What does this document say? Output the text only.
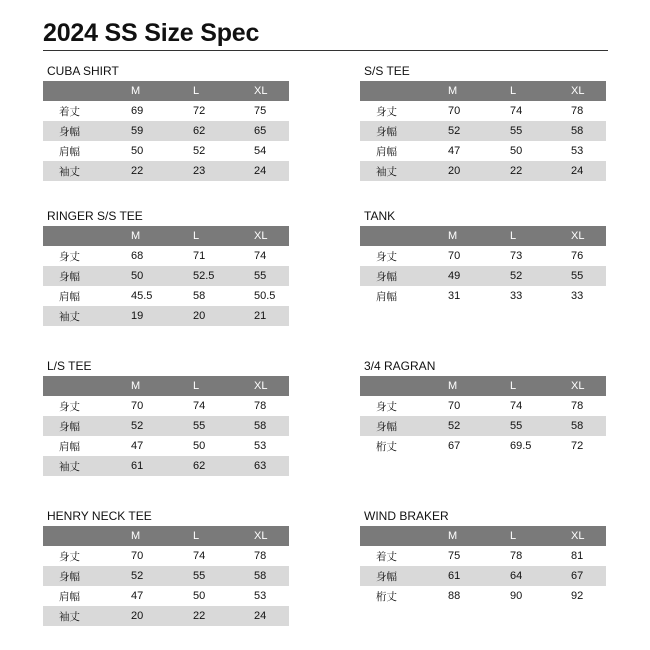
2024 SS Size Spec
CUBA SHIRT
	M	L	XL
着丈	69	72	75
身幅	59	62	65
肩幅	50	52	54
袖丈	22	23	24
S/S TEE
	M	L	XL
身丈	70	74	78
身幅	52	55	58
肩幅	47	50	53
袖丈	20	22	24
RINGER S/S TEE
	M	L	XL
身丈	68	71	74
身幅	50	52.5	55
肩幅	45.5	58	50.5
袖丈	19	20	21
TANK
	M	L	XL
身丈	70	73	76
身幅	49	52	55
肩幅	31	33	33
L/S TEE
	M	L	XL
身丈	70	74	78
身幅	52	55	58
肩幅	47	50	53
袖丈	61	62	63
3/4 RAGRAN
	M	L	XL
身丈	70	74	78
身幅	52	55	58
桁丈	67	69.5	72
HENRY NECK TEE
	M	L	XL
身丈	70	74	78
身幅	52	55	58
肩幅	47	50	53
袖丈	20	22	24
WIND BRAKER
	M	L	XL
着丈	75	78	81
身幅	61	64	67
桁丈	88	90	92
